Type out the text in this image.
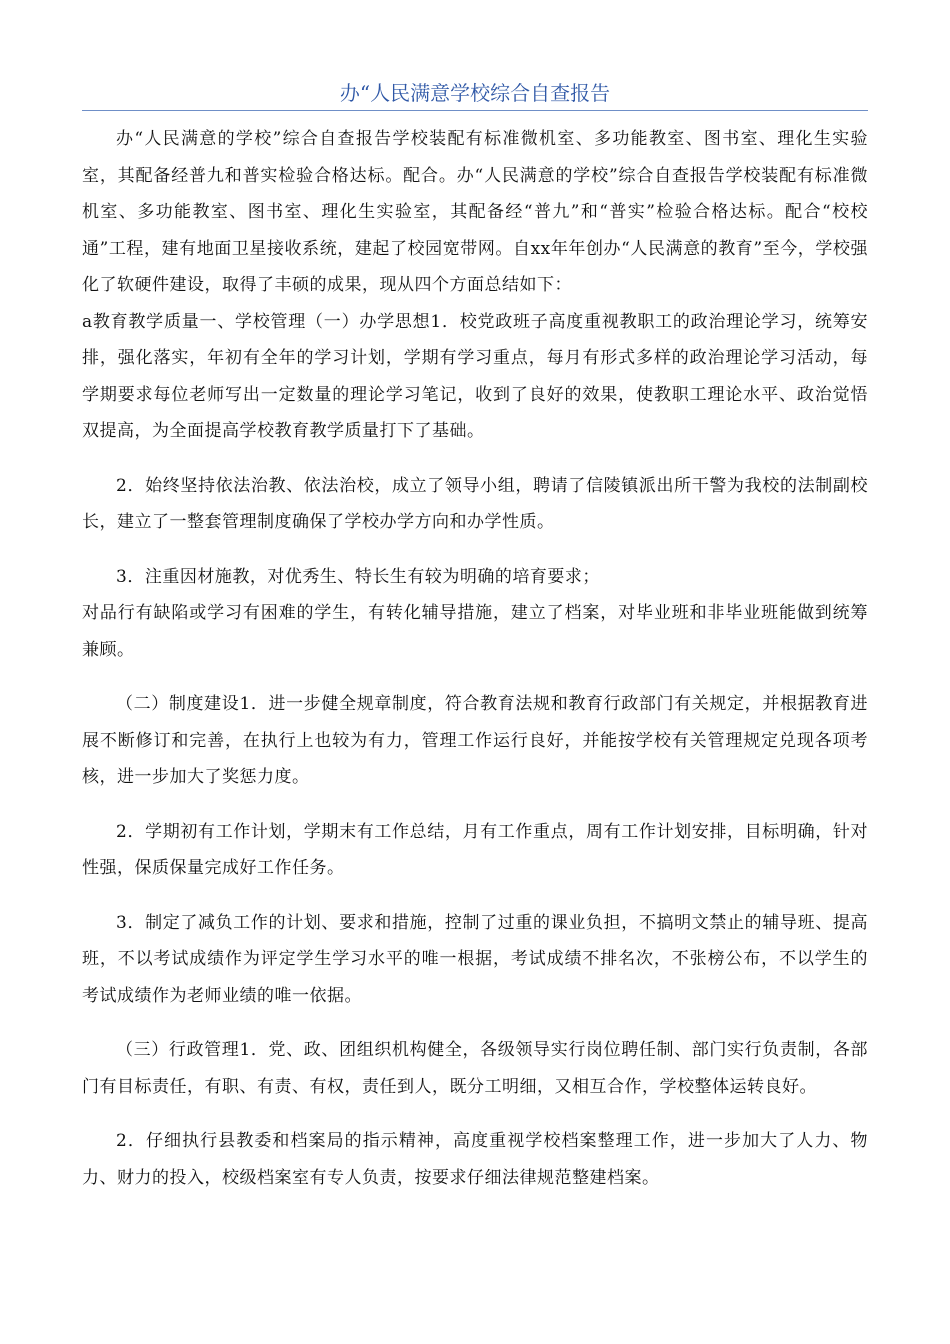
办“人民满意学校综合自查报告

办“人民满意的学校”综合自查报告学校装配有标准微机室、多功能教室、图书室、理化生实验室，其配备经普九和普实检验合格达标。配合。办“人民满意的学校”综合自查报告学校装配有标准微机室、多功能教室、图书室、理化生实验室，其配备经“普九”和“普实”检验合格达标。配合“校校通”工程，建有地面卫星接收系统，建起了校园宽带网。自xx年年创办“人民满意的教育”至今，学校强化了软硬件建设，取得了丰硕的成果，现从四个方面总结如下：

a教育教学质量一、学校管理（一）办学思想1．校党政班子高度重视教职工的政治理论学习，统筹安排，强化落实，年初有全年的学习计划，学期有学习重点，每月有形式多样的政治理论学习活动，每学期要求每位老师写出一定数量的理论学习笔记，收到了良好的效果，使教职工理论水平、政治觉悟双提高，为全面提高学校教育教学质量打下了基础。

2．始终坚持依法治教、依法治校，成立了领导小组，聘请了信陵镇派出所干警为我校的法制副校长，建立了一整套管理制度确保了学校办学方向和办学性质。

3．注重因材施教，对优秀生、特长生有较为明确的培育要求；

对品行有缺陷或学习有困难的学生，有转化辅导措施，建立了档案，对毕业班和非毕业班能做到统筹兼顾。

（二）制度建设1．进一步健全规章制度，符合教育法规和教育行政部门有关规定，并根据教育进展不断修订和完善，在执行上也较为有力，管理工作运行良好，并能按学校有关管理规定兑现各项考核，进一步加大了奖惩力度。

2．学期初有工作计划，学期末有工作总结，月有工作重点，周有工作计划安排，目标明确，针对性强，保质保量完成好工作任务。

3．制定了减负工作的计划、要求和措施，控制了过重的课业负担，不搞明文禁止的辅导班、提高班，不以考试成绩作为评定学生学习水平的唯一根据，考试成绩不排名次，不张榜公布，不以学生的考试成绩作为老师业绩的唯一依据。

（三）行政管理1．党、政、团组织机构健全，各级领导实行岗位聘任制、部门实行负责制，各部门有目标责任，有职、有责、有权，责任到人，既分工明细，又相互合作，学校整体运转良好。

2．仔细执行县教委和档案局的指示精神，高度重视学校档案整理工作，进一步加大了人力、物力、财力的投入，校级档案室有专人负责，按要求仔细法律规范整建档案。
